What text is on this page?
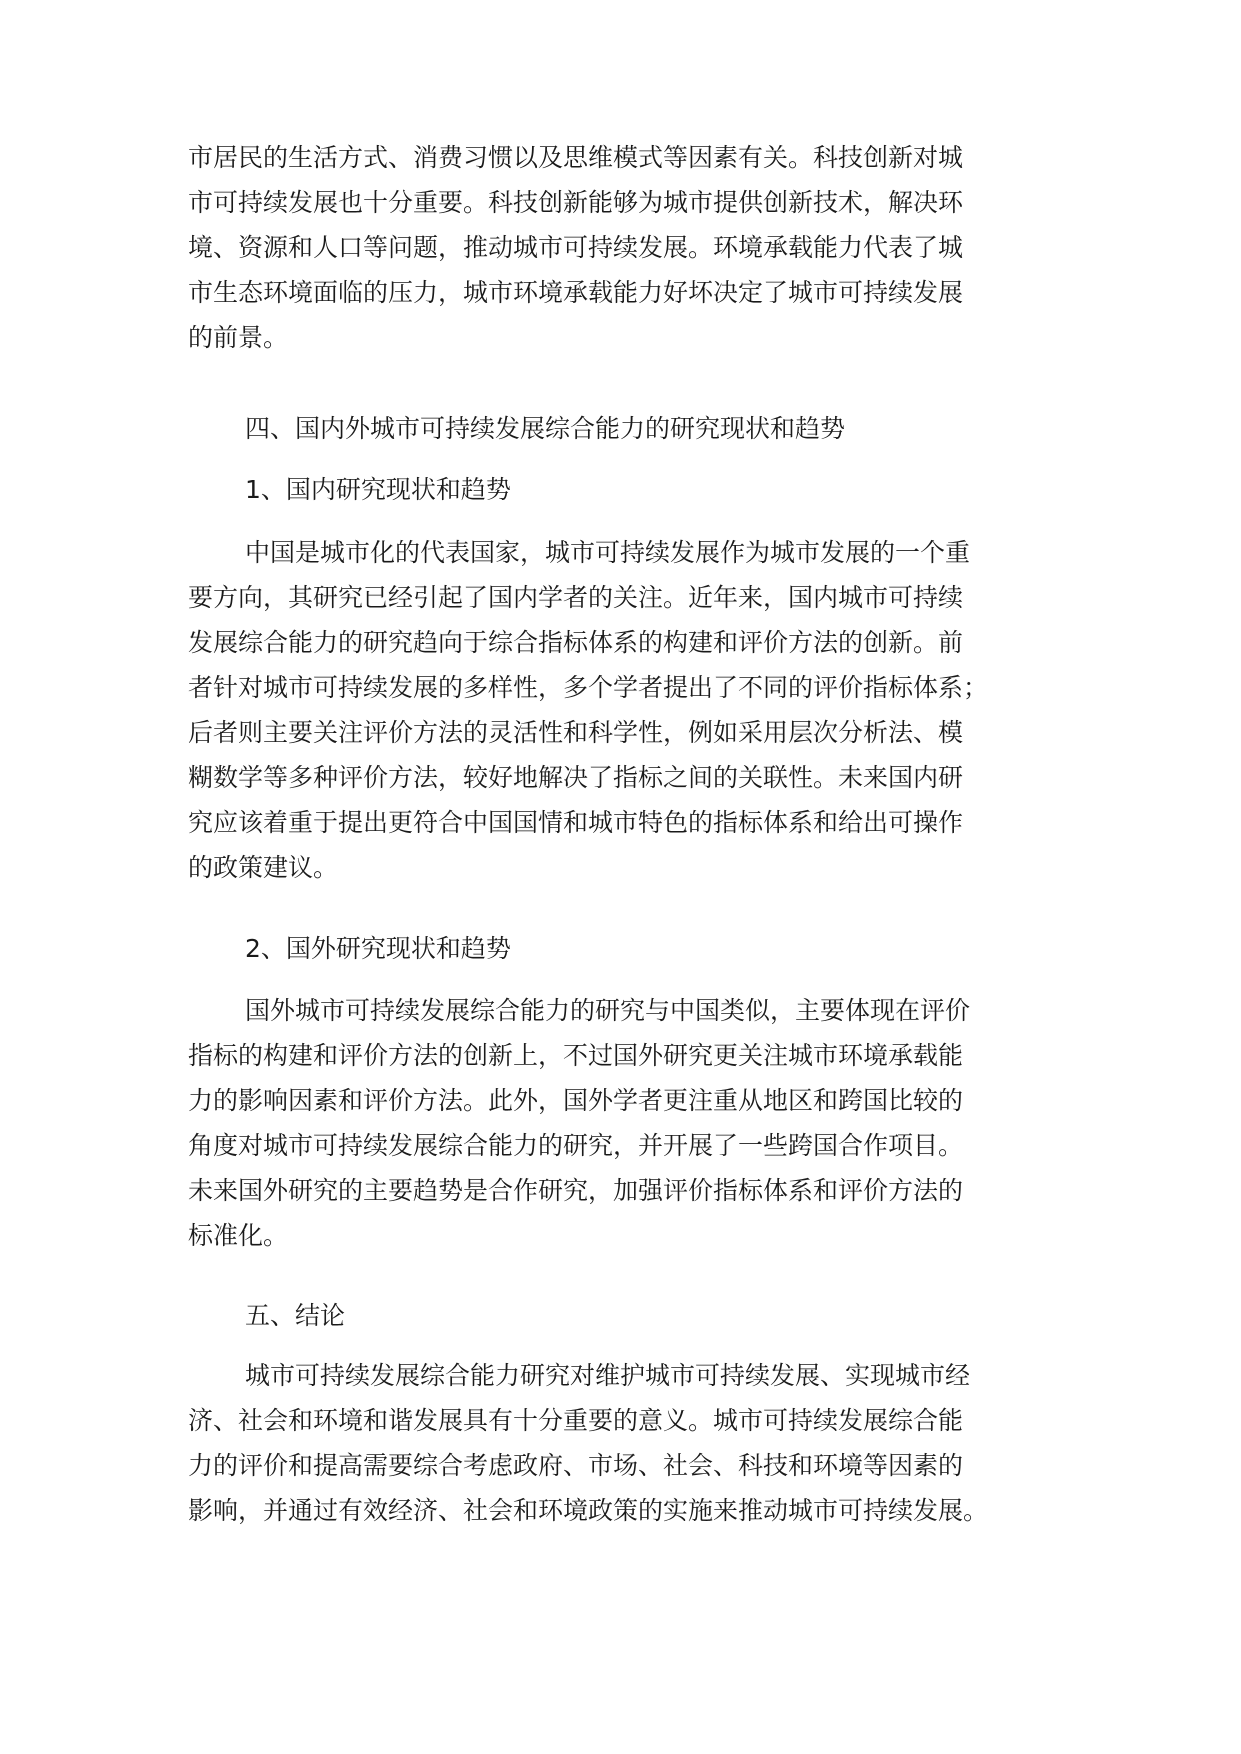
市居民的生活方式、消费习惯以及思维模式等因素有关。科技创新对城
市可持续发展也十分重要。科技创新能够为城市提供创新技术，解决环
境、资源和人口等问题，推动城市可持续发展。环境承载能力代表了城
市生态环境面临的压力，城市环境承载能力好坏决定了城市可持续发展
的前景。
四、国内外城市可持续发展综合能力的研究现状和趋势
1、国内研究现状和趋势
中国是城市化的代表国家，城市可持续发展作为城市发展的一个重
要方向，其研究已经引起了国内学者的关注。近年来，国内城市可持续
发展综合能力的研究趋向于综合指标体系的构建和评价方法的创新。前
者针对城市可持续发展的多样性，多个学者提出了不同的评价指标体系；
后者则主要关注评价方法的灵活性和科学性，例如采用层次分析法、模
糊数学等多种评价方法，较好地解决了指标之间的关联性。未来国内研
究应该着重于提出更符合中国国情和城市特色的指标体系和给出可操作
的政策建议。
2、国外研究现状和趋势
国外城市可持续发展综合能力的研究与中国类似，主要体现在评价
指标的构建和评价方法的创新上，不过国外研究更关注城市环境承载能
力的影响因素和评价方法。此外，国外学者更注重从地区和跨国比较的
角度对城市可持续发展综合能力的研究，并开展了一些跨国合作项目。
未来国外研究的主要趋势是合作研究，加强评价指标体系和评价方法的
标准化。
五、结论
城市可持续发展综合能力研究对维护城市可持续发展、实现城市经
济、社会和环境和谐发展具有十分重要的意义。城市可持续发展综合能
力的评价和提高需要综合考虑政府、市场、社会、科技和环境等因素的
影响，并通过有效经济、社会和环境政策的实施来推动城市可持续发展。
